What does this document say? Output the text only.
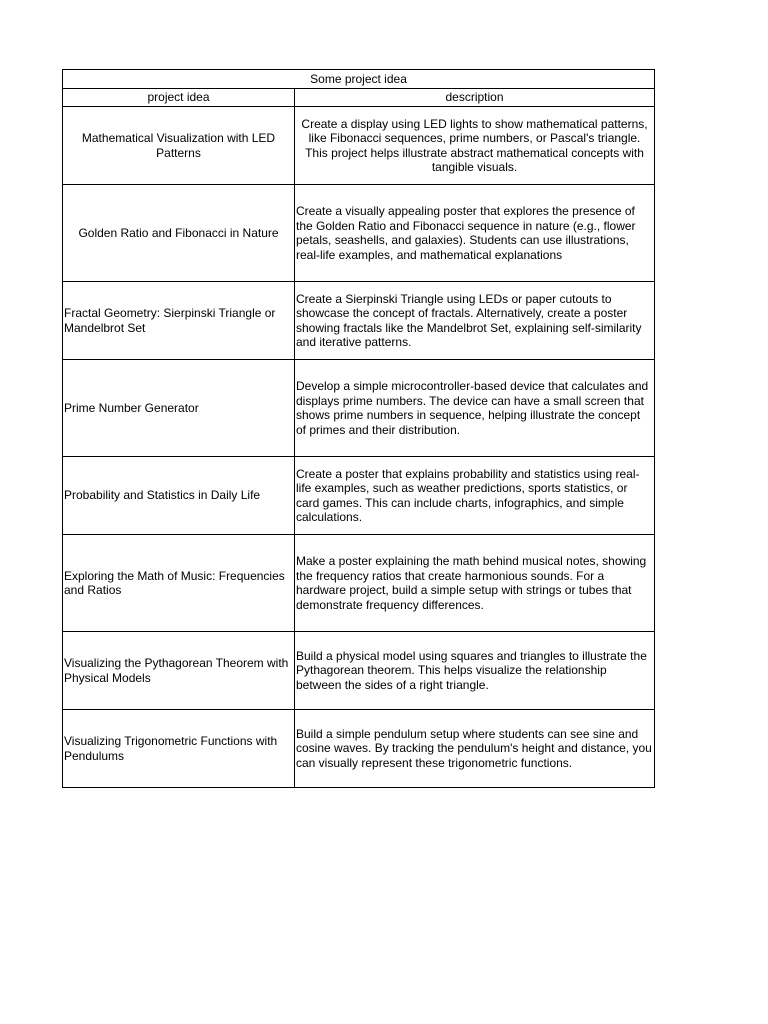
Some project idea	
project idea	description
Mathematical Visualization with LED Patterns	Create a display using LED lights to show mathematical patterns, like Fibonacci sequences, prime numbers, or Pascal's triangle. This project helps illustrate abstract mathematical concepts with tangible visuals.
Golden Ratio and Fibonacci in Nature	Create a visually appealing poster that explores the presence of the Golden Ratio and Fibonacci sequence in nature (e.g., flower petals, seashells, and galaxies). Students can use illustrations, real-life examples, and mathematical explanations
Fractal Geometry: Sierpinski Triangle or Mandelbrot Set	Create a Sierpinski Triangle using LEDs or paper cutouts to showcase the concept of fractals. Alternatively, create a poster showing fractals like the Mandelbrot Set, explaining self-similarity and iterative patterns.
Prime Number Generator	Develop a simple microcontroller-based device that calculates and displays prime numbers. The device can have a small screen that shows prime numbers in sequence, helping illustrate the concept of primes and their distribution.
Probability and Statistics in Daily Life	Create a poster that explains probability and statistics using real-life examples, such as weather predictions, sports statistics, or card games. This can include charts, infographics, and simple calculations.
Exploring the Math of Music: Frequencies and Ratios	Make a poster explaining the math behind musical notes, showing the frequency ratios that create harmonious sounds. For a hardware project, build a simple setup with strings or tubes that demonstrate frequency differences.
Visualizing the Pythagorean Theorem with Physical Models	Build a physical model using squares and triangles to illustrate the Pythagorean theorem. This helps visualize the relationship between the sides of a right triangle.
Visualizing Trigonometric Functions with Pendulums	Build a simple pendulum setup where students can see sine and cosine waves. By tracking the pendulum's height and distance, you can visually represent these trigonometric functions.
